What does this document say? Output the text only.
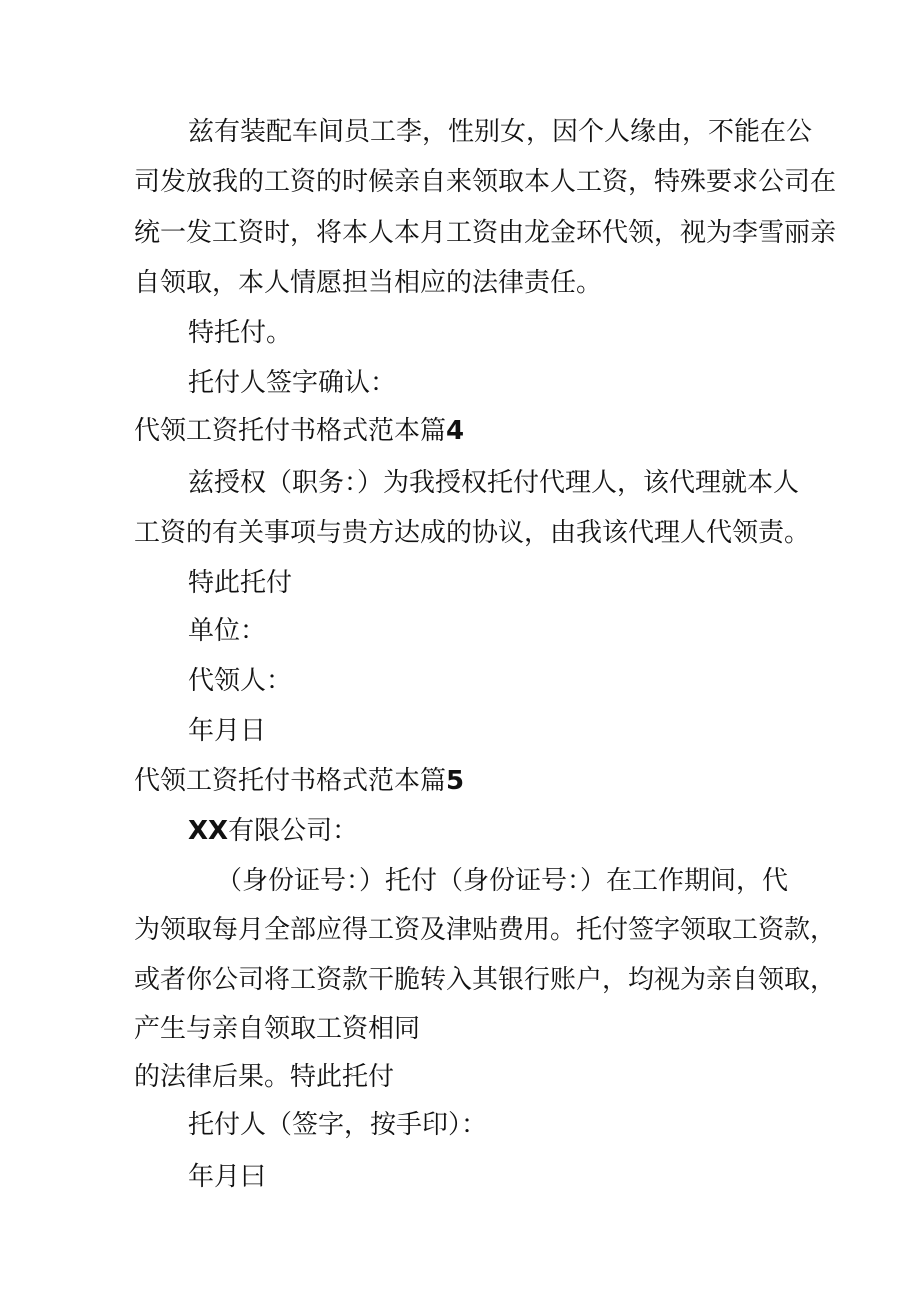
兹有装配车间员工李，性别女，因个人缘由，不能在公
司发放我的工资的时候亲自来领取本人工资，特殊要求公司在
统一发工资时，将本人本月工资由龙金环代领，视为李雪丽亲
自领取，本人情愿担当相应的法律责任。
特托付。
托付人签字确认：
代领工资托付书格式范本篇4
兹授权（职务：）为我授权托付代理人，该代理就本人
工资的有关事项与贵方达成的协议，由我该代理人代领责。
特此托付
单位：
代领人：
年月日
代领工资托付书格式范本篇5
XX有限公司：
（身份证号：）托付（身份证号：）在工作期间，代
为领取每月全部应得工资及津贴费用。托付签字领取工资款，
或者你公司将工资款干脆转入其银行账户，均视为亲自领取，
产生与亲自领取工资相同
的法律后果。特此托付
托付人（签字，按手印）：
年月曰
